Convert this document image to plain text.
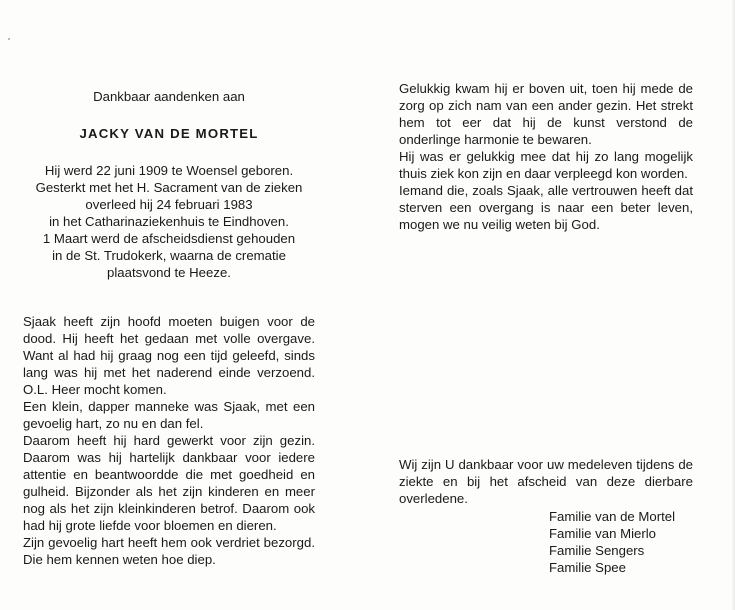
Dankbaar aandenken aan

JACKY VAN DE MORTEL

Hij werd 22 juni 1909 te Woensel geboren.

Gesterkt met het H. Sacrament van de zieken

overleed hij 24 februari 1983

in het Catharinaziekenhuis te Eindhoven.

1 Maart werd de afscheidsdienst gehouden

in de St. Trudokerk, waarna de crematie

plaatsvond te Heeze.

Sjaak heeft zijn hoofd moeten buigen voor de dood. Hij heeft het gedaan met volle overgave. Want al had hij graag nog een tijd geleefd, sinds lang was hij met het naderend einde verzoend. O.L. Heer mocht komen.

Een klein, dapper manneke was Sjaak, met een gevoelig hart, zo nu en dan fel.

Daarom heeft hij hard gewerkt voor zijn gezin. Daarom was hij hartelijk dankbaar voor iedere attentie en beantwoordde die met goedheid en gulheid. Bijzonder als het zijn kinderen en meer nog als het zijn kleinkinderen betrof. Daarom ook had hij grote liefde voor bloemen en dieren.

Zijn gevoelig hart heeft hem ook verdriet bezorgd. Die hem kennen weten hoe diep.

Gelukkig kwam hij er boven uit, toen hij mede de zorg op zich nam van een ander gezin. Het strekt hem tot eer dat hij de kunst verstond de onderlinge harmonie te bewaren.

Hij was er gelukkig mee dat hij zo lang mogelijk thuis ziek kon zijn en daar verpleegd kon worden.

Iemand die, zoals Sjaak, alle vertrouwen heeft dat sterven een overgang is naar een beter leven, mogen we nu veilig weten bij God.

Wij zijn U dankbaar voor uw medeleven tijdens de ziekte en bij het afscheid van deze dierbare overledene.

Familie van de Mortel
Familie van Mierlo
Familie Sengers
Familie Spee
